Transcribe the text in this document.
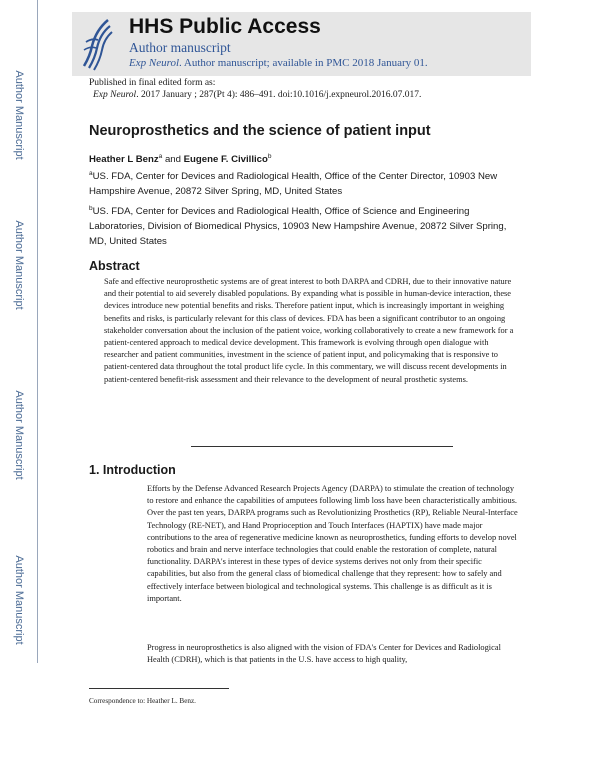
Author Manuscript
Author Manuscript
Author Manuscript
Author Manuscript
HHS Public Access
Author manuscript
Exp Neurol. Author manuscript; available in PMC 2018 January 01.
Published in final edited form as:
Exp Neurol. 2017 January ; 287(Pt 4): 486–491. doi:10.1016/j.expneurol.2016.07.017.
Neuroprosthetics and the science of patient input
Heather L Benz$^a$ and Eugene F. Civillico$^b$
$^a$US. FDA, Center for Devices and Radiological Health, Office of the Center Director, 10903 New Hampshire Avenue, 20872 Silver Spring, MD, United States
$^b$US. FDA, Center for Devices and Radiological Health, Office of Science and Engineering Laboratories, Division of Biomedical Physics, 10903 New Hampshire Avenue, 20872 Silver Spring, MD, United States
Abstract
Safe and effective neuroprosthetic systems are of great interest to both DARPA and CDRH, due to their innovative nature and their potential to aid severely disabled populations. By expanding what is possible in human-device interaction, these devices introduce new potential benefits and risks. Therefore patient input, which is increasingly important in weighing benefits and risks, is particularly relevant for this class of devices. FDA has been a significant contributor to an ongoing stakeholder conversation about the inclusion of the patient voice, working collaboratively to create a new framework for a patient-centered approach to medical device development. This framework is evolving through open dialogue with researcher and patient communities, investment in the science of patient input, and policymaking that is responsive to patient-centered data throughout the total product life cycle. In this commentary, we will discuss recent developments in patient-centered benefit-risk assessment and their relevance to the development of neural prosthetic systems.
1. Introduction
Efforts by the Defense Advanced Research Projects Agency (DARPA) to stimulate the creation of technology to restore and enhance the capabilities of amputees following limb loss have been characteristically ambitious. Over the past ten years, DARPA programs such as Revolutionizing Prosthetics (RP), Reliable Neural-Interface Technology (RE-NET), and Hand Proprioception and Touch Interfaces (HAPTIX) have made major contributions to the area of regenerative medicine known as neuroprosthetics, funding efforts to develop novel robotics and brain and nerve interface technologies that could enable the restoration of complete, natural functionality. DARPA's interest in these types of device systems derives not only from their specific capabilities, but also from the general class of biomedical challenge that they represent: how to safely and effectively interface between biological and technological systems. This challenge is as difficult as it is important.
Progress in neuroprosthetics is also aligned with the vision of FDA's Center for Devices and Radiological Health (CDRH), which is that patients in the U.S. have access to high quality,
Correspondence to: Heather L. Benz.
